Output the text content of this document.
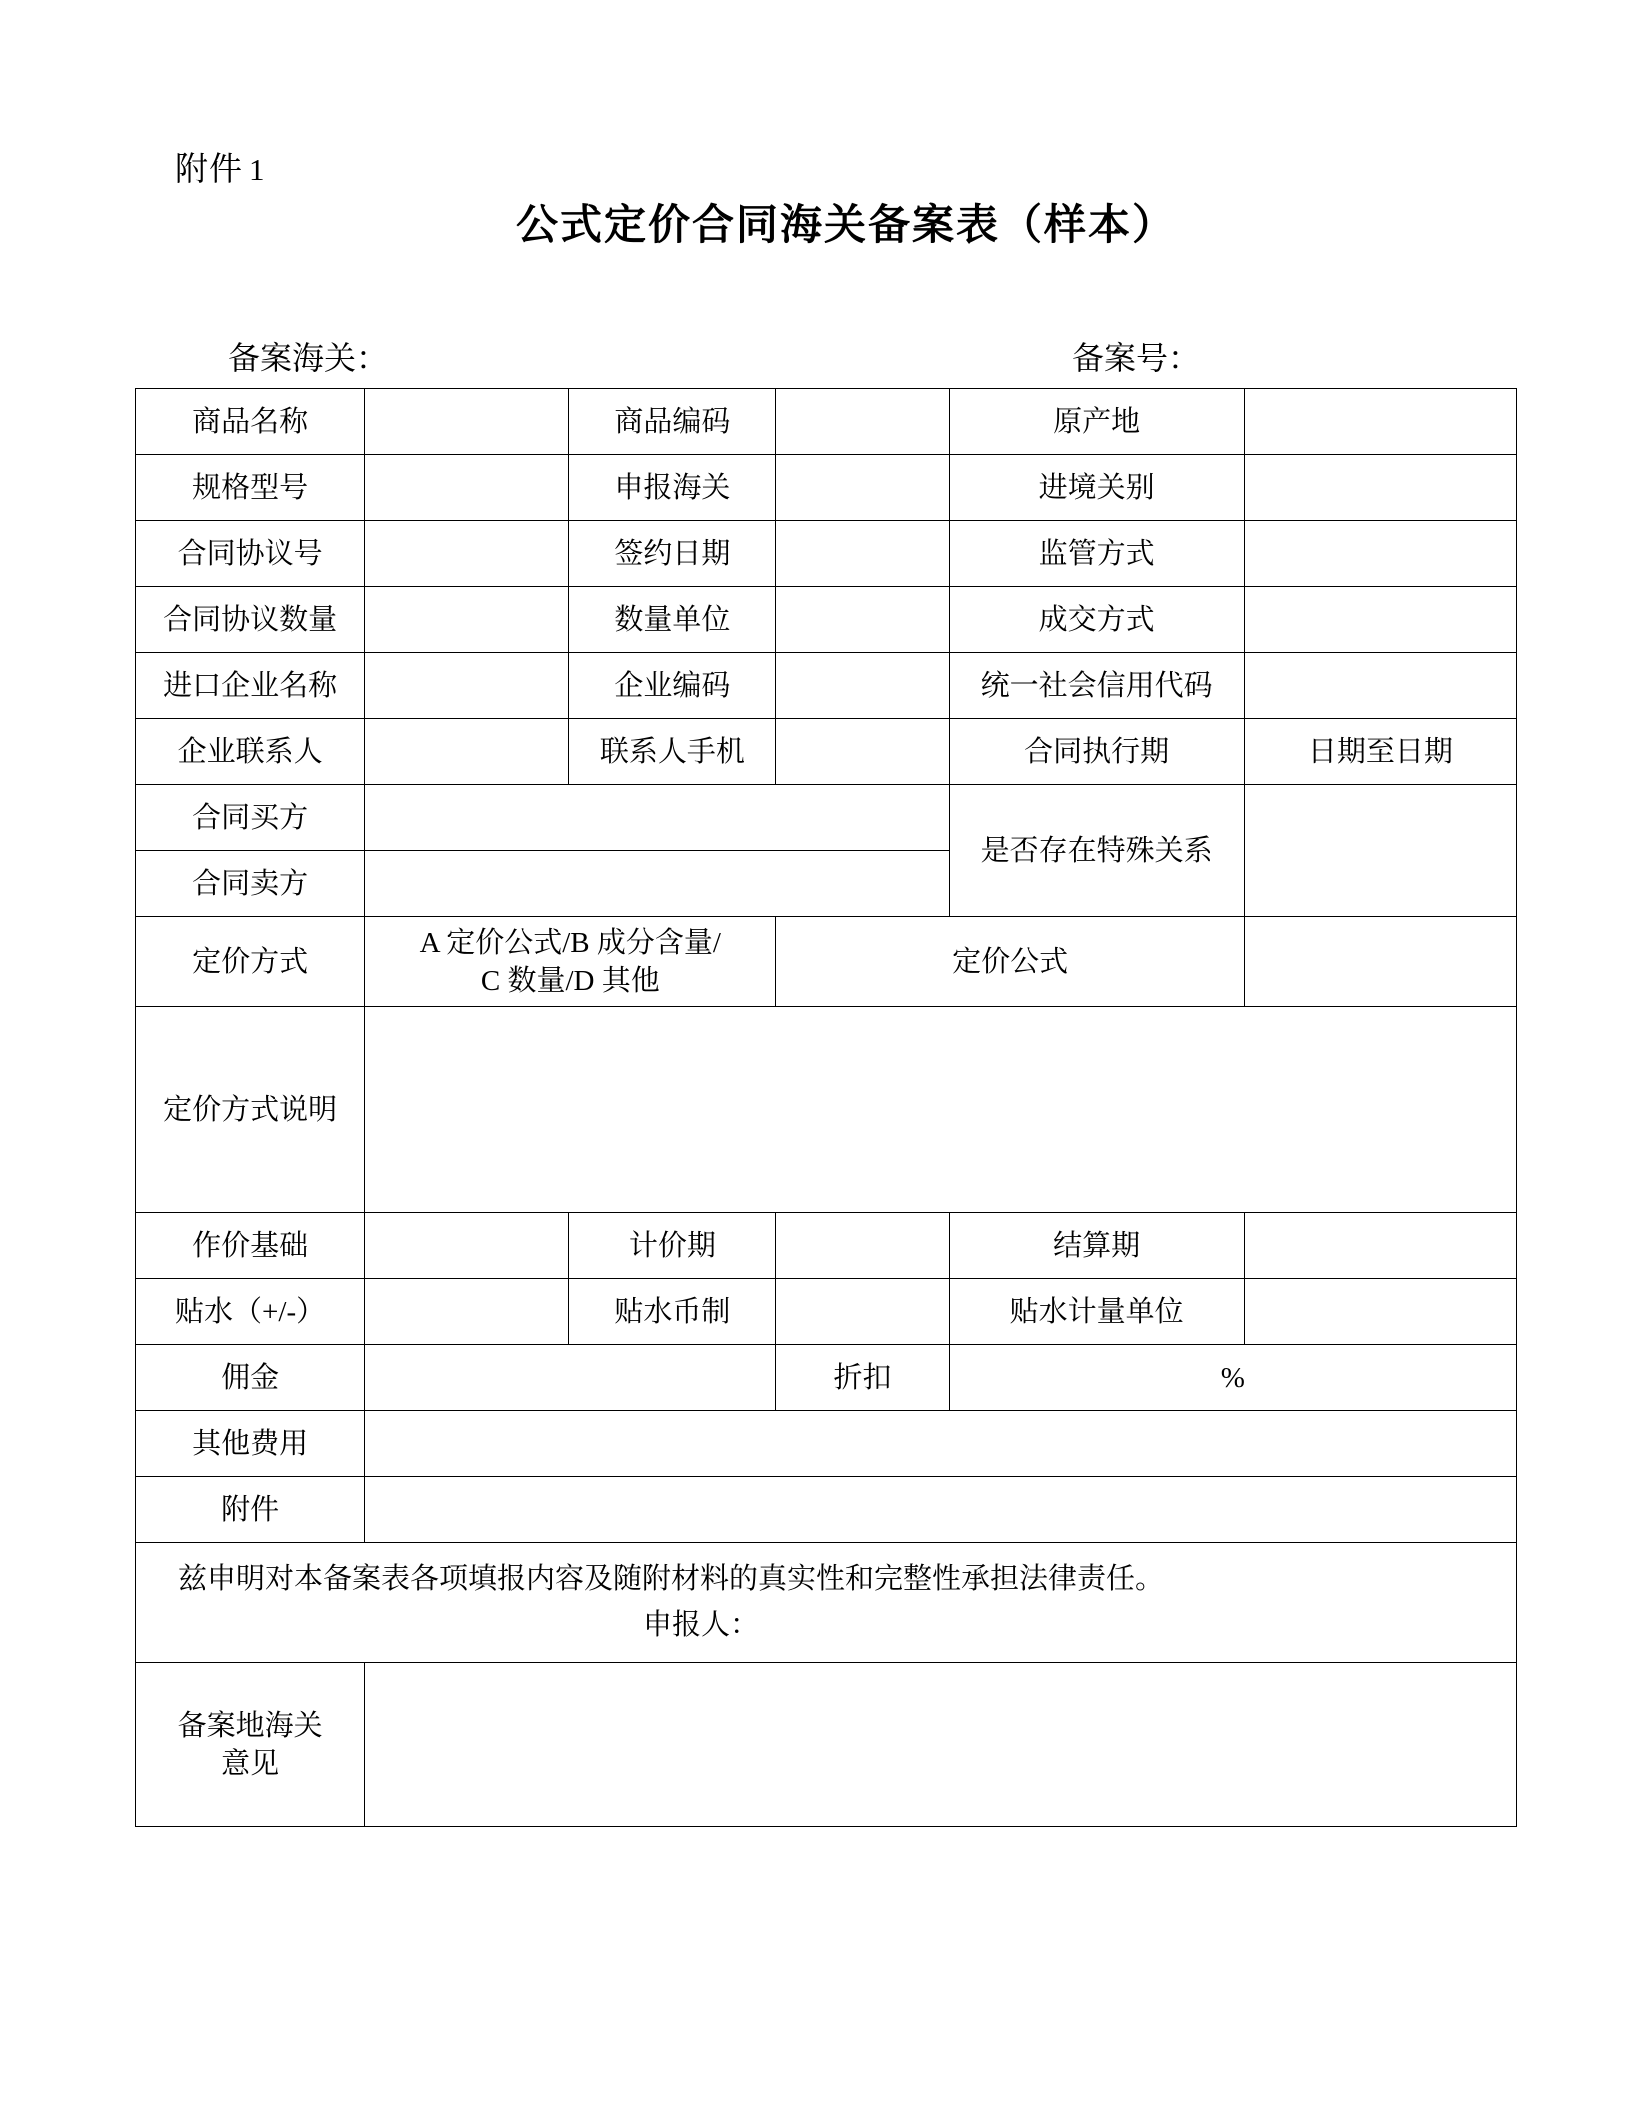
附件 1
公式定价合同海关备案表（样本）
备案海关：	备案号：
商品名称		商品编码		原产地	
规格型号		申报海关		进境关别	
合同协议号		签约日期		监管方式	
合同协议数量		数量单位		成交方式	
进口企业名称		企业编码		统一社会信用代码	
企业联系人		联系人手机		合同执行期	日期至日期
合同买方				是否存在特殊关系	
合同卖方					
定价方式	A 定价公式/B 成分含量/
C 数量/D 其他		定价公式		
定价方式说明					
作价基础		计价期		结算期	
贴水（+/-）		贴水币制		贴水计量单位	
佣金			折扣	%	
其他费用					
附件					

兹申明对本备案表各项填报内容及随附材料的真实性和完整性承担法律责任。
申报人：					

备案地海关
意见					
